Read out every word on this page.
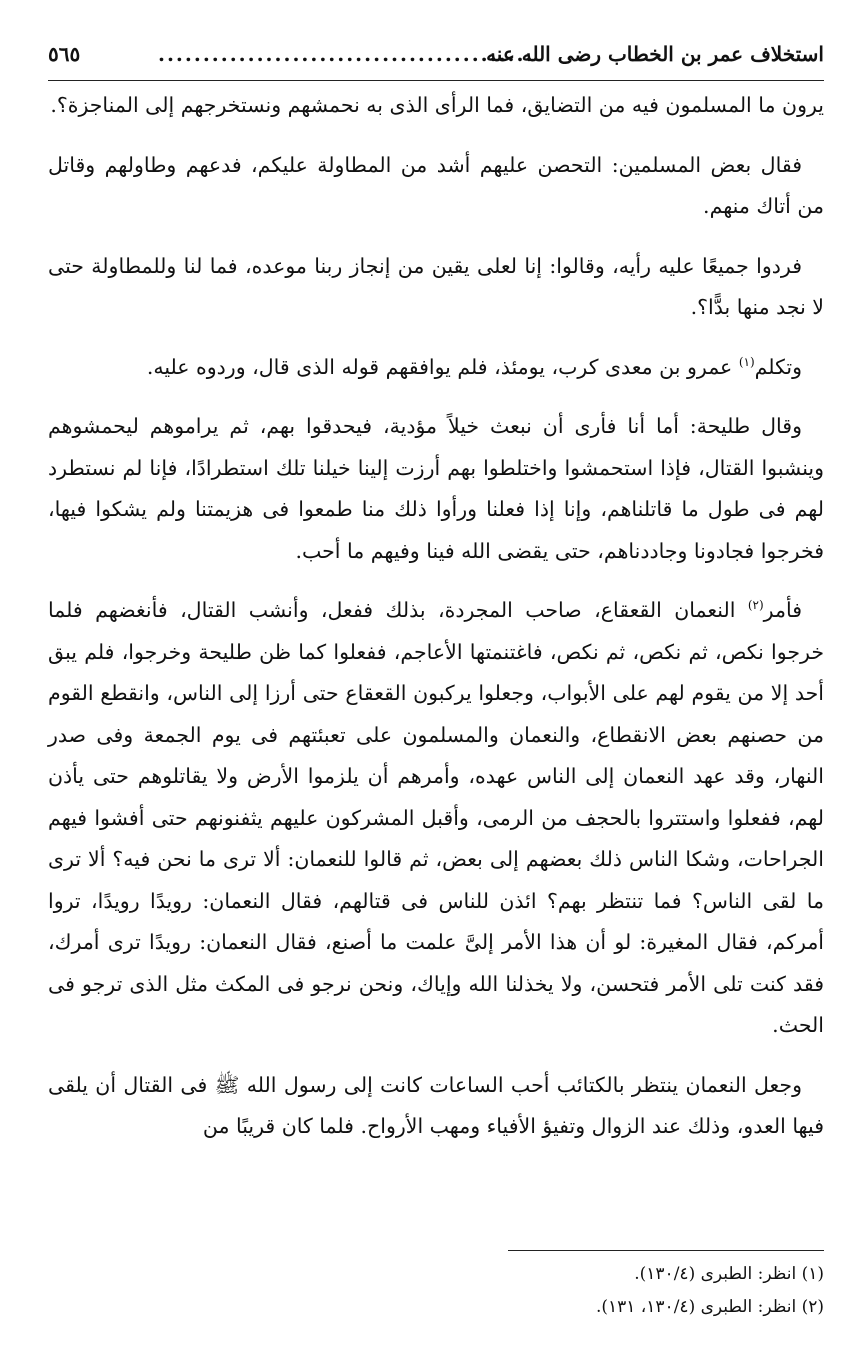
استخلاف عمر بن الخطاب رضى الله عنه
..........................................
٥٦٥

يرون ما المسلمون فيه من التضايق، فما الرأى الذى به نحمشهم ونستخرجهم إلى المناجزة؟.

فقال بعض المسلمين: التحصن عليهم أشد من المطاولة عليكم، فدعهم وطاولهم وقاتل من أتاك منهم.

فردوا جميعًا عليه رأيه، وقالوا: إنا لعلى يقين من إنجاز ربنا موعده، فما لنا وللمطاولة حتى لا نجد منها بدًّا؟.

وتكلم$^{(١)}$ عمرو بن معدى كرب، يومئذ، فلم يوافقهم قوله الذى قال، وردوه عليه.

وقال طليحة: أما أنا فأرى أن نبعث خيلاً مؤدية، فيحدقوا بهم، ثم يراموهم ليحمشوهم وينشبوا القتال، فإذا استحمشوا واختلطوا بهم أرزت إلينا خيلنا تلك استطرادًا، فإنا لم نستطرد لهم فى طول ما قاتلناهم، وإنا إذا فعلنا ورأوا ذلك منا طمعوا فى هزيمتنا ولم يشكوا فيها، فخرجوا فجادونا وجاددناهم، حتى يقضى الله فينا وفيهم ما أحب.

فأمر$^{(٢)}$ النعمان القعقاع، صاحب المجردة، بذلك ففعل، وأنشب القتال، فأنغضهم فلما خرجوا نكص، ثم نكص، ثم نكص، فاغتنمتها الأعاجم، ففعلوا كما ظن طليحة وخرجوا، فلم يبق أحد إلا من يقوم لهم على الأبواب، وجعلوا يركبون القعقاع حتى أرزا إلى الناس، وانقطع القوم من حصنهم بعض الانقطاع، والنعمان والمسلمون على تعبئتهم فى يوم الجمعة وفى صدر النهار، وقد عهد النعمان إلى الناس عهده، وأمرهم أن يلزموا الأرض ولا يقاتلوهم حتى يأذن لهم، ففعلوا واستتروا بالحجف من الرمى، وأقبل المشركون عليهم يثفنونهم حتى أفشوا فيهم الجراحات، وشكا الناس ذلك بعضهم إلى بعض، ثم قالوا للنعمان: ألا ترى ما نحن فيه؟ ألا ترى ما لقى الناس؟ فما تنتظر بهم؟ ائذن للناس فى قتالهم، فقال النعمان: رويدًا رويدًا، تروا أمركم، فقال المغيرة: لو أن هذا الأمر إلىَّ علمت ما أصنع، فقال النعمان: رويدًا ترى أمرك، فقد كنت تلى الأمر فتحسن، ولا يخذلنا الله وإياك، ونحن نرجو فى المكث مثل الذى ترجو فى الحث.

وجعل النعمان ينتظر بالكتائب أحب الساعات كانت إلى رسول الله ﷺ فى القتال أن يلقى فيها العدو، وذلك عند الزوال وتفيؤ الأفياء ومهب الأرواح. فلما كان قريبًا من

(١) انظر: الطبرى (١٣٠/٤).

(٢) انظر: الطبرى (١٣٠/٤، ١٣١).
